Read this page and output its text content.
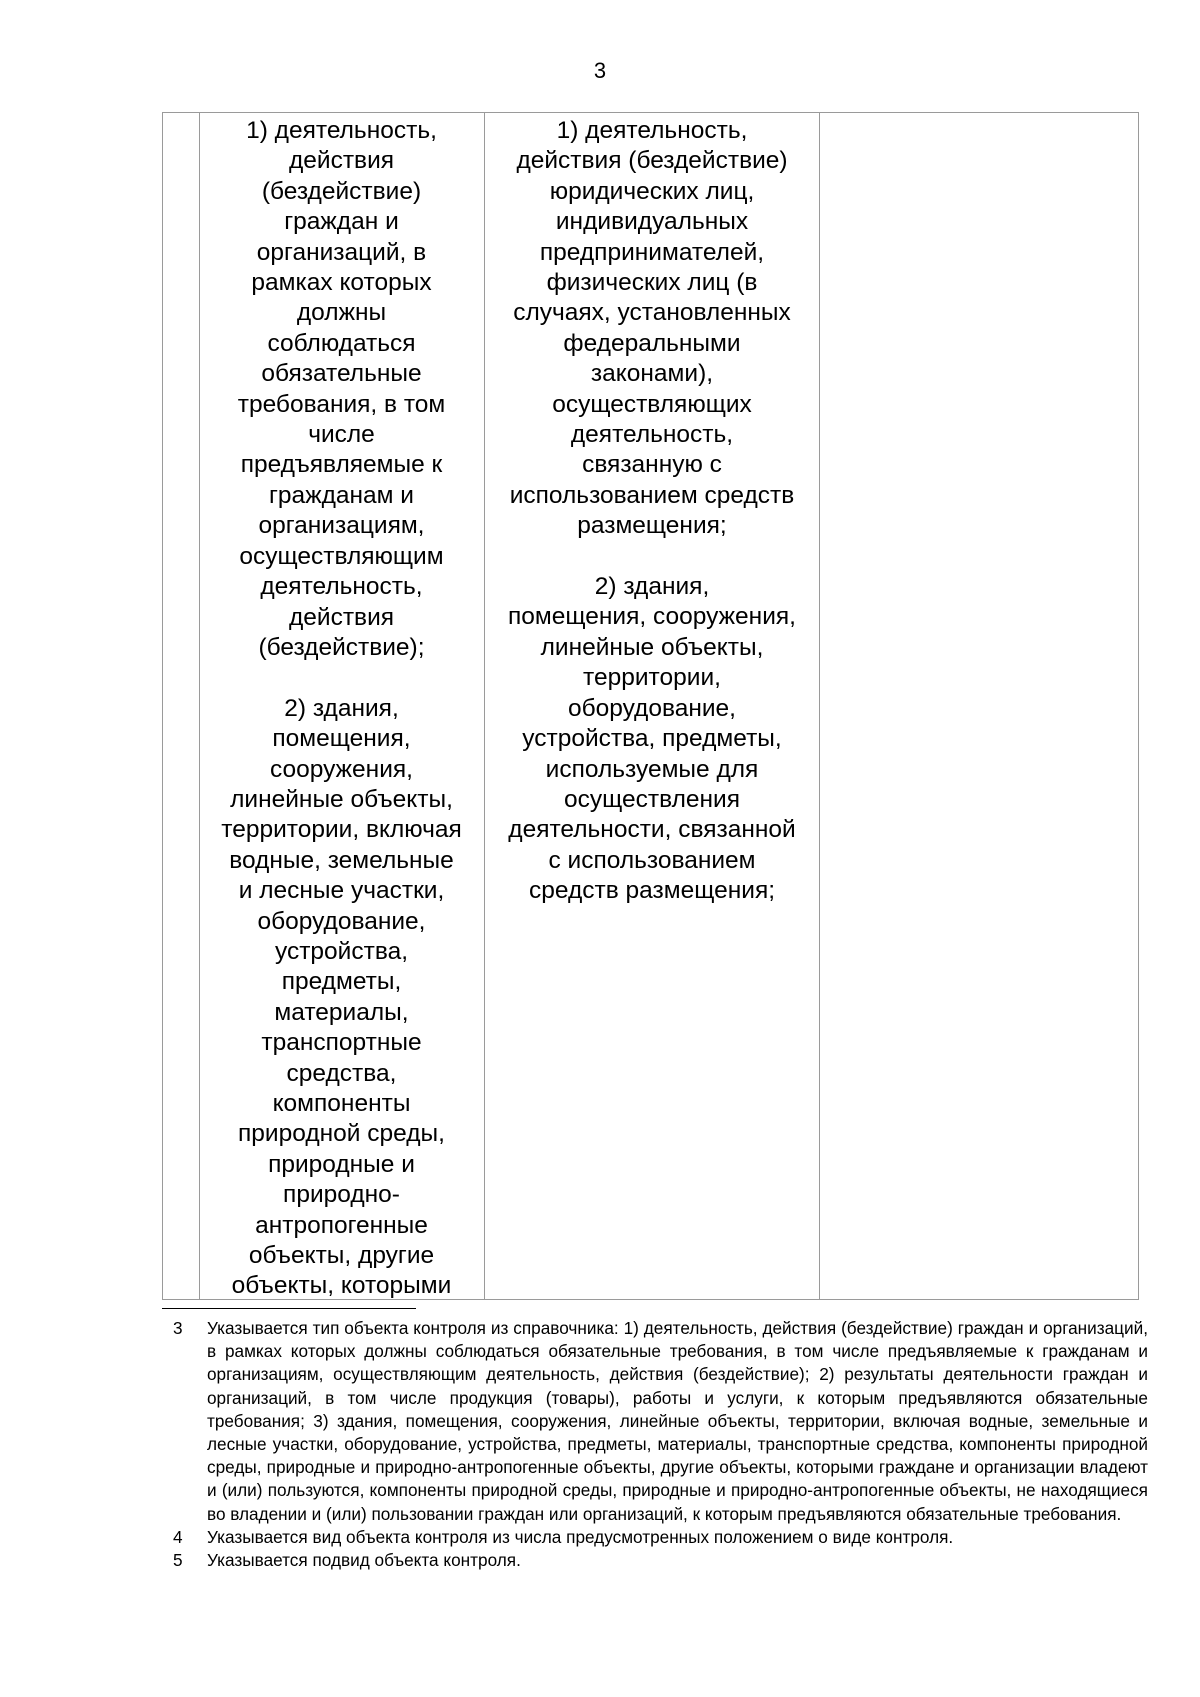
3

1) деятельность,
действия
(бездействие)
граждан и
организаций, в
рамках которых
должны
соблюдаться
обязательные
требования, в том
числе
предъявляемые к
гражданам и
организациям,
осуществляющим
деятельность,
действия
(бездействие);

2) здания,
помещения,
сооружения,
линейные объекты,
территории, включая
водные, земельные
и лесные участки,
оборудование,
устройства,
предметы,
материалы,
транспортные
средства,
компоненты
природной среды,
природные и
природно-
антропогенные
объекты, другие
объекты, которыми

1) деятельность,
действия (бездействие)
юридических лиц,
индивидуальных
предпринимателей,
физических лиц (в
случаях, установленных
федеральными
законами),
осуществляющих
деятельность,
связанную с
использованием средств
размещения;

2) здания,
помещения, сооружения,
линейные объекты,
территории,
оборудование,
устройства, предметы,
используемые для
осуществления
деятельности, связанной
с использованием
средств размещения;

3 Указывается тип объекта контроля из справочника: 1) деятельность, действия (бездействие) граждан и организаций, в рамках которых должны соблюдаться обязательные требования, в том числе предъявляемые к гражданам и организациям, осуществляющим деятельность, действия (бездействие); 2) результаты деятельности граждан и организаций, в том числе продукция (товары), работы и услуги, к которым предъявляются обязательные требования; 3) здания, помещения, сооружения, линейные объекты, территории, включая водные, земельные и лесные участки, оборудование, устройства, предметы, материалы, транспортные средства, компоненты природной среды, природные и природно-антропогенные объекты, другие объекты, которыми граждане и организации владеют и (или) пользуются, компоненты природной среды, природные и природно-антропогенные объекты, не находящиеся во владении и (или) пользовании граждан или организаций, к которым предъявляются обязательные требования.
4 Указывается вид объекта контроля из числа предусмотренных положением о виде контроля.
5 Указывается подвид объекта контроля.
